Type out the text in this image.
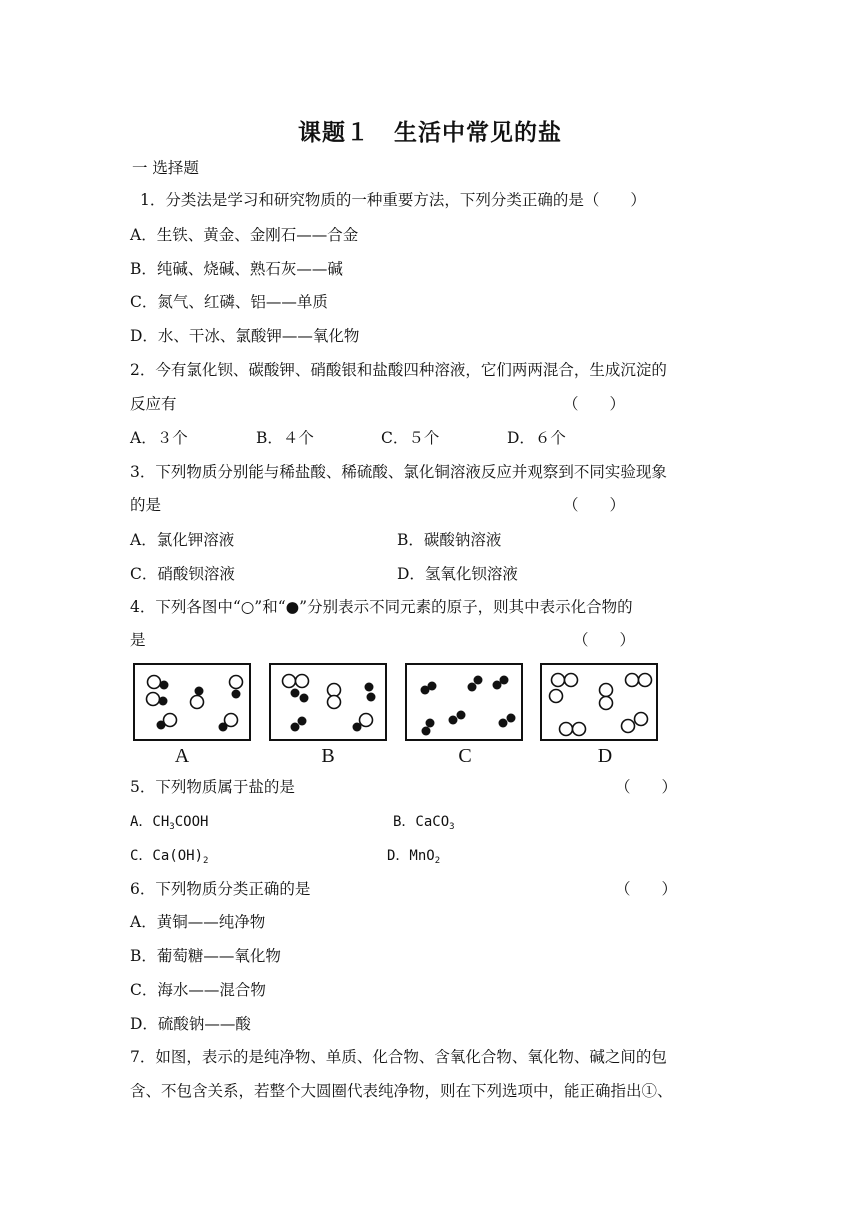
课题１　生活中常见的盐
一 选择题
1．分类法是学习和研究物质的一种重要方法，下列分类正确的是（　　）
A．生铁、黄金、金刚石——合金
B．纯碱、烧碱、熟石灰——碱
C．氮气、红磷、铝——单质
D．水、干冰、氯酸钾——氧化物
2．今有氯化钡、碳酸钾、硝酸银和盐酸四种溶液，它们两两混合，生成沉淀的
反应有	（　　）
A．３个	B．４个	C．５个	D．６个
3．下列物质分别能与稀盐酸、稀硫酸、氯化铜溶液反应并观察到不同实验现象
的是	（　　）
A．氯化钾溶液	B．碳酸钠溶液
C．硝酸钡溶液	D．氢氧化钡溶液
4．下列各图中“○”和“●”分别表示不同元素的原子，则其中表示化合物的
是	（　　）
A	B	C	D
5．下列物质属于盐的是	（　　）
A．$CH_3COOH$	B．CaCO$_3$
C．$Ca(OH)_2$	D．MnO$_2$
6．下列物质分类正确的是	（　　）
A．黄铜——纯净物
B．葡萄糖——氧化物
C．海水——混合物
D．硫酸钠——酸
7．如图，表示的是纯净物、单质、化合物、含氧化合物、氧化物、碱之间的包
含、不包含关系，若整个大圆圈代表纯净物，则在下列选项中，能正确指出①、
